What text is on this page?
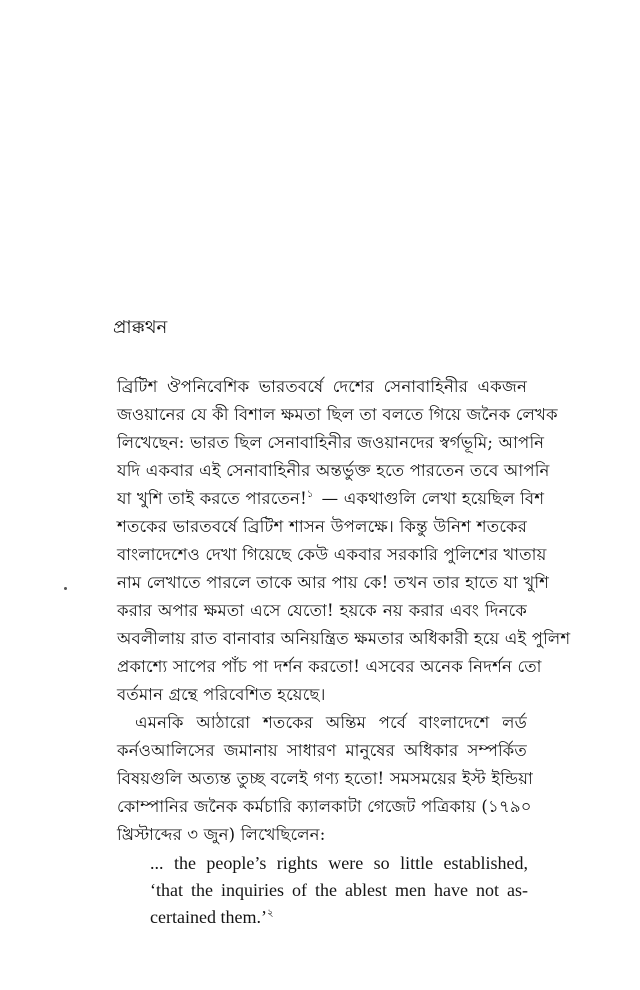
প্রাক্কথন
ব্রিটিশ ঔপনিবেশিক ভারতবর্ষে দেশের সেনাবাহিনীর একজন
জওয়ানের যে কী বিশাল ক্ষমতা ছিল তা বলতে গিয়ে জনৈক লেখক
লিখেছেন: ভারত ছিল সেনাবাহিনীর জওয়ানদের স্বর্গভূমি; আপনি
যদি একবার এই সেনাবাহিনীর অন্তর্ভুক্ত হতে পারতেন তবে আপনি
যা খুশি তাই করতে পারতেন!$^১$ — একথাগুলি লেখা হয়েছিল বিশ
শতকের ভারতবর্ষে ব্রিটিশ শাসন উপলক্ষে। কিন্তু উনিশ শতকের
বাংলাদেশেও দেখা গিয়েছে কেউ একবার সরকারি পুলিশের খাতায়
নাম লেখাতে পারলে তাকে আর পায় কে! তখন তার হাতে যা খুশি
করার অপার ক্ষমতা এসে যেতো! হয়কে নয় করার এবং দিনকে
অবলীলায় রাত বানাবার অনিয়ন্ত্রিত ক্ষমতার অধিকারী হয়ে এই পুলিশ
প্রকাশ্যে সাপের পাঁচ পা দর্শন করতো! এসবের অনেক নিদর্শন তো
বর্তমান গ্রন্থে পরিবেশিত হয়েছে।
এমনকি আঠারো শতকের অন্তিম পর্বে বাংলাদেশে লর্ড
কর্নওআলিসের জমানায় সাধারণ মানুষের অধিকার সম্পর্কিত
বিষয়গুলি অত্যন্ত তুচ্ছ বলেই গণ্য হতো! সমসময়ের ইস্ট ইন্ডিয়া
কোম্পানির জনৈক কর্মচারি ক্যালকাটা গেজেট পত্রিকায় (১৭৯০
খ্রিস্টাব্দের ৩ জুন) লিখেছিলেন:
... the people’s rights were so little established,
‘that the inquiries of the ablest men have not as-
certained them.’$^২$
